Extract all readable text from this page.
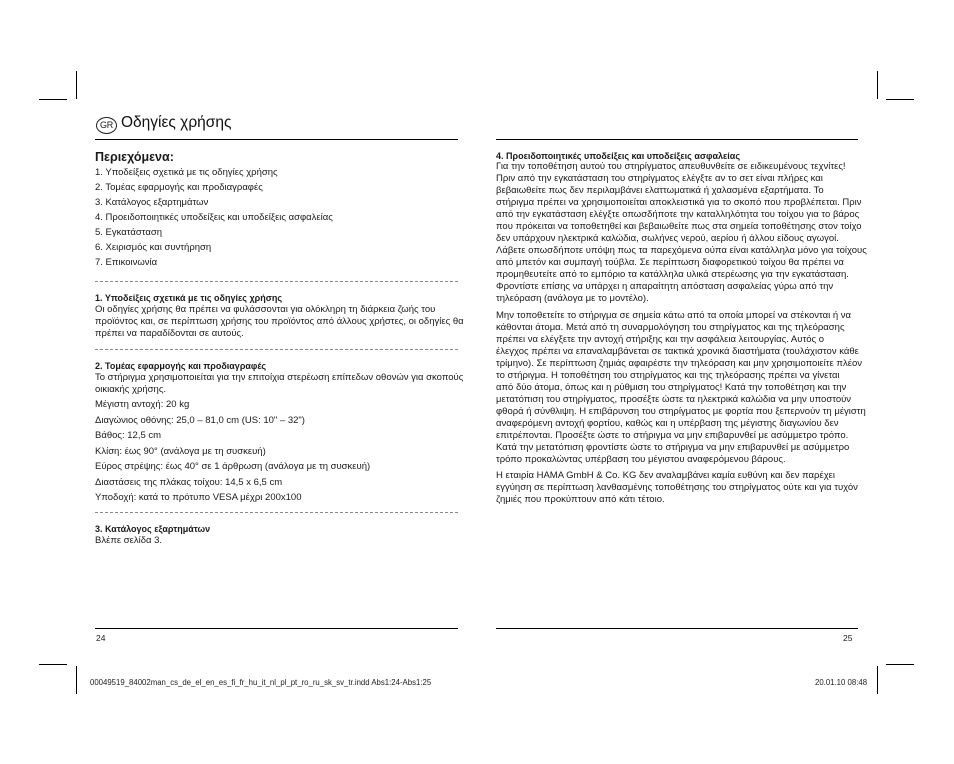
GR Οδηγίες χρήσης
Περιεχόμενα:
1. Υποδείξεις σχετικά με τις οδηγίες χρήσης
2. Τομέας εφαρμογής και προδιαγραφές
3. Κατάλογος εξαρτημάτων
4. Προειδοποιητικές υποδείξεις και υποδείξεις ασφαλείας
5. Εγκατάσταση
6. Χειρισμός και συντήρηση
7. Επικοινωνία
1. Υποδείξεις σχετικά με τις οδηγίες χρήσης

Οι οδηγίες χρήσης θα πρέπει να φυλάσσονται για ολόκληρη τη διάρκεια ζωής του
προϊόντος και, σε περίπτωση χρήσης του προϊόντος από άλλους χρήστες, οι οδηγίες θα
πρέπει να παραδίδονται σε αυτούς.

2. Τομέας εφαρμογής και προδιαγραφές

Το στήριγμα χρησιμοποιείται για την επιτοίχια στερέωση επίπεδων οθονών για σκοπούς
οικιακής χρήσης.

Μέγιστη αντοχή: 20 kg
Διαγώνιος οθόνης: 25,0 – 81,0 cm (US: 10" – 32")
Βάθος: 12,5 cm
Κλίση: έως 90° (ανάλογα με τη συσκευή)
Εύρος στρέψης: έως 40° σε 1 άρθρωση (ανάλογα με τη συσκευή)
Διαστάσεις της πλάκας τοίχου: 14,5 x 6,5 cm
Υποδοχή: κατά το πρότυπο VESA μέχρι 200x100
3. Κατάλογος εξαρτημάτων

Βλέπε σελίδα 3.

4. Προειδοποιητικές υποδείξεις και υποδείξεις ασφαλείας

Για την τοποθέτηση αυτού του στηρίγματος απευθυνθείτε σε ειδικευμένους τεχνίτες!
Πριν από την εγκατάσταση του στηρίγματος ελέγξτε αν το σετ είναι πλήρες και
βεβαιωθείτε πως δεν περιλαμβάνει ελαττωματικά ή χαλασμένα εξαρτήματα. Το
στήριγμα πρέπει να χρησιμοποιείται αποκλειστικά για το σκοπό που προβλέπεται. Πριν
από την εγκατάσταση ελέγξτε οπωσδήποτε την καταλληλότητα του τοίχου για το βάρος
που πρόκειται να τοποθετηθεί και βεβαιωθείτε πως στα σημεία τοποθέτησης στον τοίχο
δεν υπάρχουν ηλεκτρικά καλώδια, σωλήνες νερού, αερίου ή άλλου είδους αγωγοί.
Λάβετε οπωσδήποτε υπόψη πως τα παρεχόμενα ούπα είναι κατάλληλα μόνο για τοίχους
από μπετόν και συμπαγή τούβλα. Σε περίπτωση διαφορετικού τοίχου θα πρέπει να
προμηθευτείτε από το εμπόριο τα κατάλληλα υλικά στερέωσης για την εγκατάσταση.
Φροντίστε επίσης να υπάρχει η απαραίτητη απόσταση ασφαλείας γύρω από την
τηλεόραση (ανάλογα με το μοντέλο).

Μην τοποθετείτε το στήριγμα σε σημεία κάτω από τα οποία μπορεί να στέκονται ή να
κάθονται άτομα. Μετά από τη συναρμολόγηση του στηρίγματος και της τηλεόρασης
πρέπει να ελέγξετε την αντοχή στήριξης και την ασφάλεια λειτουργίας. Αυτός ο
έλεγχος πρέπει να επαναλαμβάνεται σε τακτικά χρονικά διαστήματα (τουλάχιστον κάθε
τρίμηνο). Σε περίπτωση ζημιάς αφαιρέστε την τηλεόραση και μην χρησιμοποιείτε πλέον
το στήριγμα. Η τοποθέτηση του στηρίγματος και της τηλεόρασης πρέπει να γίνεται
από δύο άτομα, όπως και η ρύθμιση του στηρίγματος! Κατά την τοποθέτηση και την
μετατόπιση του στηρίγματος, προσέξτε ώστε τα ηλεκτρικά καλώδια να μην υποστούν
φθορά ή σύνθλιψη. Η επιβάρυνση του στηρίγματος με φορτία που ξεπερνούν τη μέγιστη
αναφερόμενη αντοχή φορτίου, καθώς και η υπέρβαση της μέγιστης διαγωνίου δεν
επιτρέπονται. Προσέξτε ώστε το στήριγμα να μην επιβαρυνθεί με ασύμμετρο τρόπο.
Κατά την μετατόπιση φροντίστε ώστε το στήριγμα να μην επιβαρυνθεί με ασύμμετρο
τρόπο προκαλώντας υπέρβαση του μέγιστου αναφερόμενου βάρους.

Η εταιρία HAMA GmbH & Co. KG δεν αναλαμβάνει καμία ευθύνη και δεν παρέχει
εγγύηση σε περίπτωση λανθασμένης τοποθέτησης του στηρίγματος ούτε και για τυχόν
ζημιές που προκύπτουν από κάτι τέτοιο.

24	25
00049519_84002man_cs_de_el_en_es_fi_fr_hu_it_nl_pl_pt_ro_ru_sk_sv_tr.indd Abs1:24-Abs1:25	20.01.10 08:48
